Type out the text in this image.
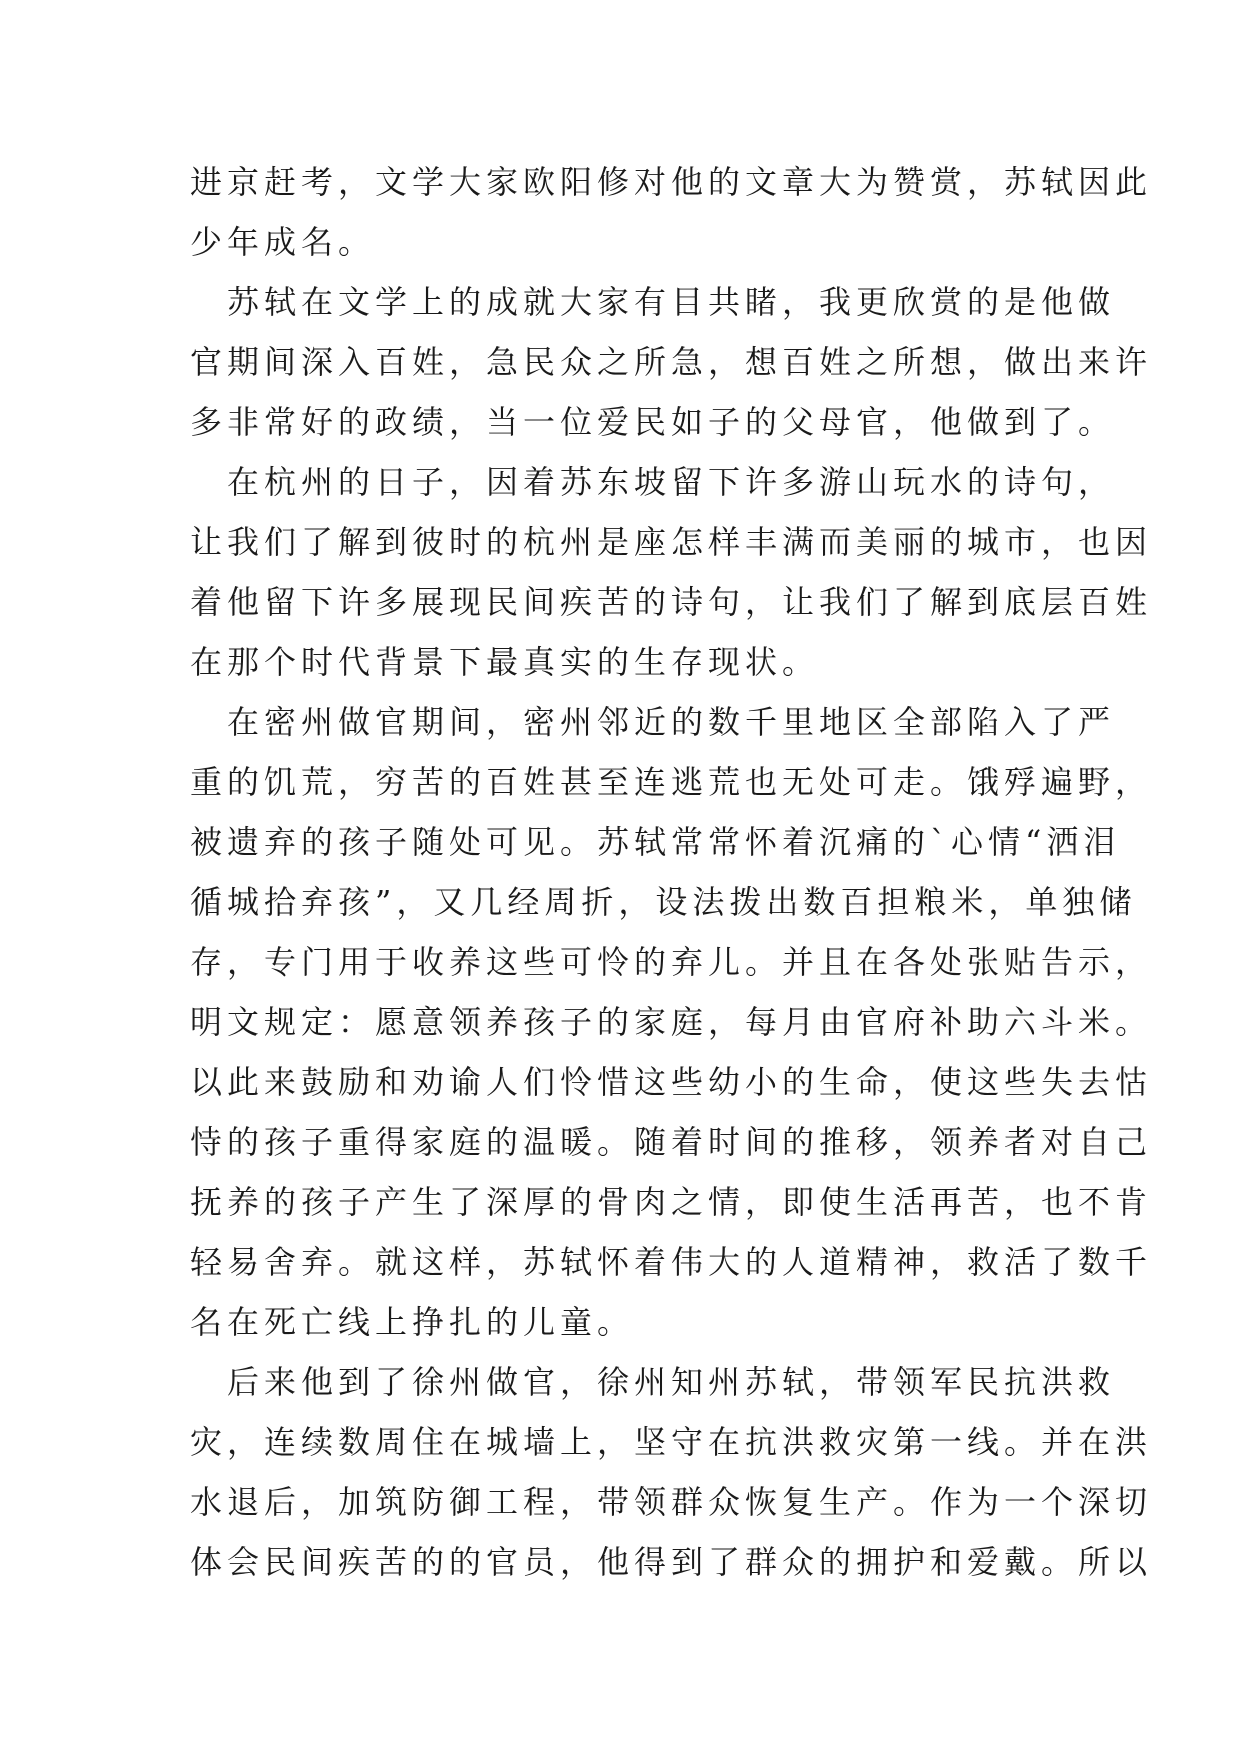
进京赶考，文学大家欧阳修对他的文章大为赞赏，苏轼因此
少年成名。
　苏轼在文学上的成就大家有目共睹，我更欣赏的是他做
官期间深入百姓，急民众之所急，想百姓之所想，做出来许
多非常好的政绩，当一位爱民如子的父母官，他做到了。
　在杭州的日子，因着苏东坡留下许多游山玩水的诗句，
让我们了解到彼时的杭州是座怎样丰满而美丽的城市，也因
着他留下许多展现民间疾苦的诗句，让我们了解到底层百姓
在那个时代背景下最真实的生存现状。
　在密州做官期间，密州邻近的数千里地区全部陷入了严
重的饥荒，穷苦的百姓甚至连逃荒也无处可走。饿殍遍野，
被遗弃的孩子随处可见。苏轼常常怀着沉痛的`心情“洒泪
循城拾弃孩”，又几经周折，设法拨出数百担粮米，单独储
存，专门用于收养这些可怜的弃儿。并且在各处张贴告示，
明文规定：愿意领养孩子的家庭，每月由官府补助六斗米。
以此来鼓励和劝谕人们怜惜这些幼小的生命，使这些失去怙
恃的孩子重得家庭的温暖。随着时间的推移，领养者对自己
抚养的孩子产生了深厚的骨肉之情，即使生活再苦，也不肯
轻易舍弃。就这样，苏轼怀着伟大的人道精神，救活了数千
名在死亡线上挣扎的儿童。
　后来他到了徐州做官，徐州知州苏轼，带领军民抗洪救
灾，连续数周住在城墙上，坚守在抗洪救灾第一线。并在洪
水退后，加筑防御工程，带领群众恢复生产。作为一个深切
体会民间疾苦的的官员，他得到了群众的拥护和爱戴。所以
